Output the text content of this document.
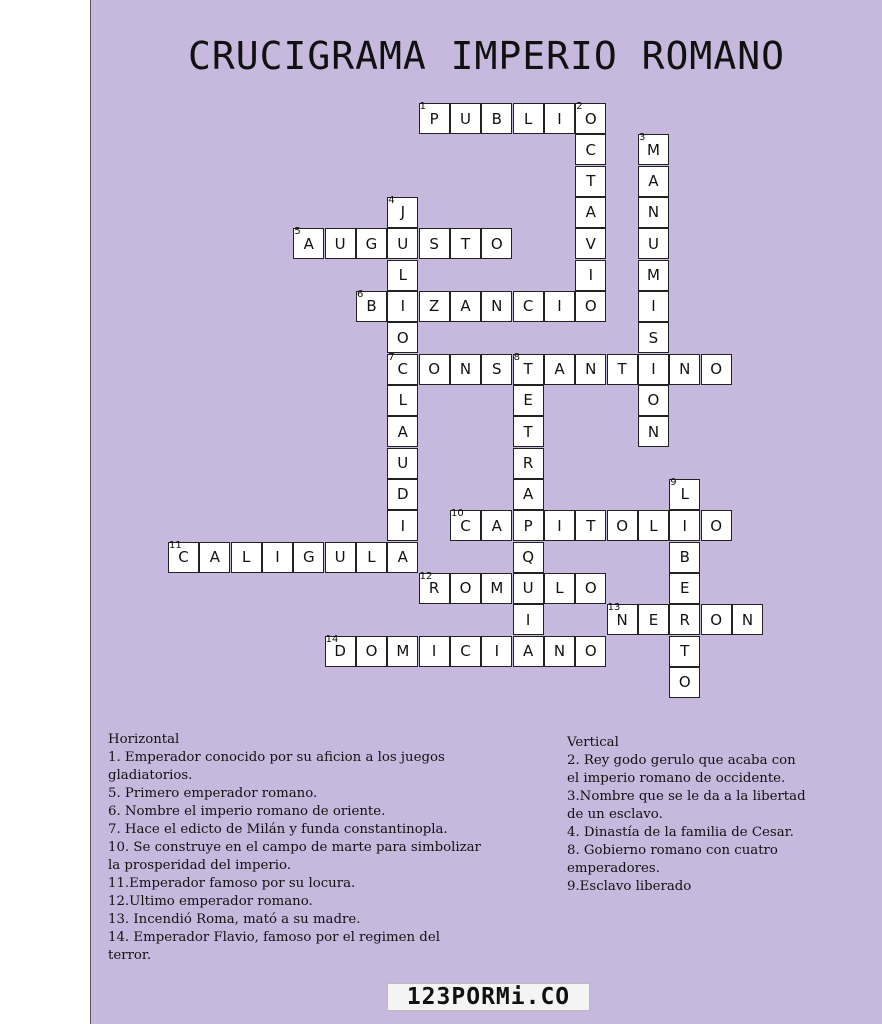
CRUCIGRAMA IMPERIO ROMANO
P	U	B	L	I	O
A	U	G	U	S	T	O
B	I	Z	A	N	C	I	O
C	O	N	S	T	A	N	T	I	N	O
C	A	P	I	T	O	L	I	O
C	A	L	I	G	U	L	A
R	O	M	U	L	O
N	E	R	O	N
D	O	M	I	C	I	A	N	O
C
T
A
V
I
M
A
N
U
M
I
S
O
N
J
L
O
L
A
U
D
I
E
T
R
A
Q
I
L
B
E
T
O
1
5
6
7
10
11
12
13
14
2
3
4
8
9
Horizontal
1. Emperador conocido por su aficion a los juegos
gladiatorios.
5. Primero emperador romano.
6. Nombre el imperio romano de oriente.
7. Hace el edicto de Milán y funda constantinopla.
10. Se construye en el campo de marte para simbolizar
la prosperidad del imperio.
11.Emperador famoso por su locura.
12.Ultimo emperador romano.
13. Incendió Roma, mató a su madre.
14. Emperador Flavio, famoso por el regimen del
terror.
Vertical
2. Rey godo gerulo que acaba con
el imperio romano de occidente.
3.Nombre que se le da a la libertad
de un esclavo.
4. Dinastía de la familia de Cesar.
8. Gobierno romano con cuatro
emperadores.
9.Esclavo liberado
123PORMi.CO
